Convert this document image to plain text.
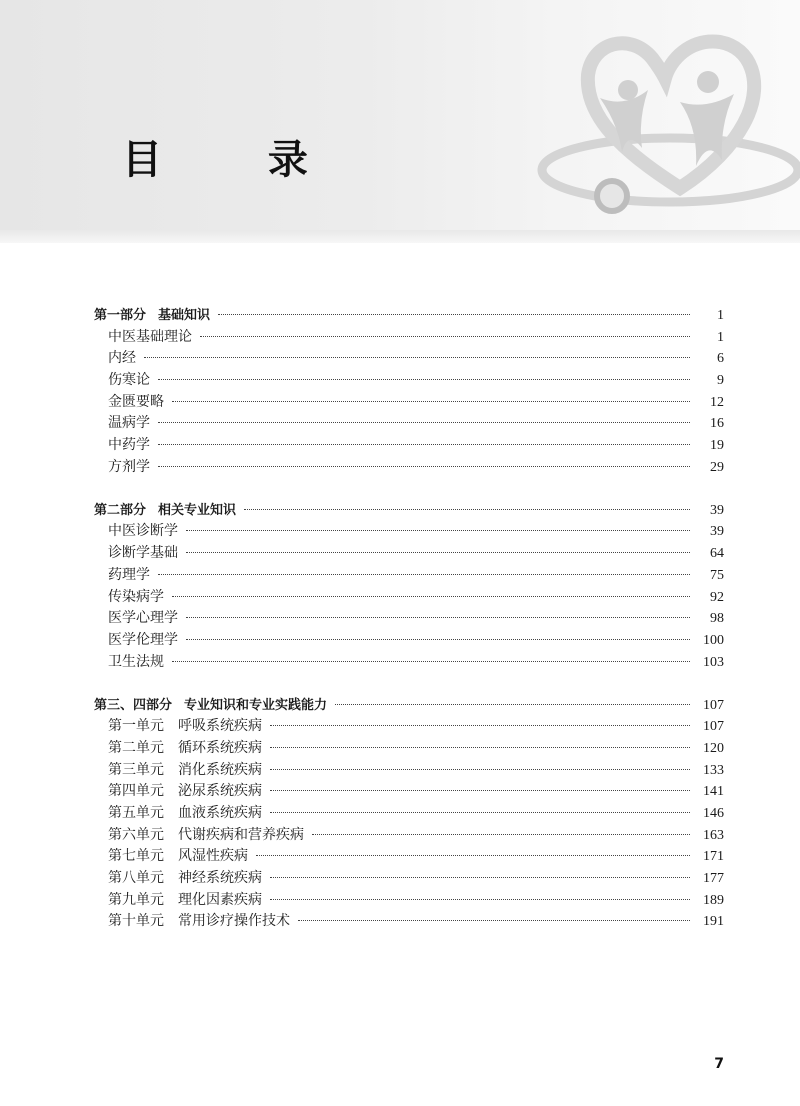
目 录
第一部分 基础知识	1
中医基础理论	1
内经	6
伤寒论	9
金匮要略	12
温病学	16
中药学	19
方剂学	29
第二部分 相关专业知识	39
中医诊断学	39
诊断学基础	64
药理学	75
传染病学	92
医学心理学	98
医学伦理学	100
卫生法规	103
第三、四部分 专业知识和专业实践能力	107
第一单元 呼吸系统疾病	107
第二单元 循环系统疾病	120
第三单元 消化系统疾病	133
第四单元 泌尿系统疾病	141
第五单元 血液系统疾病	146
第六单元 代谢疾病和营养疾病	163
第七单元 风湿性疾病	171
第八单元 神经系统疾病	177
第九单元 理化因素疾病	189
第十单元 常用诊疗操作技术	191
7
